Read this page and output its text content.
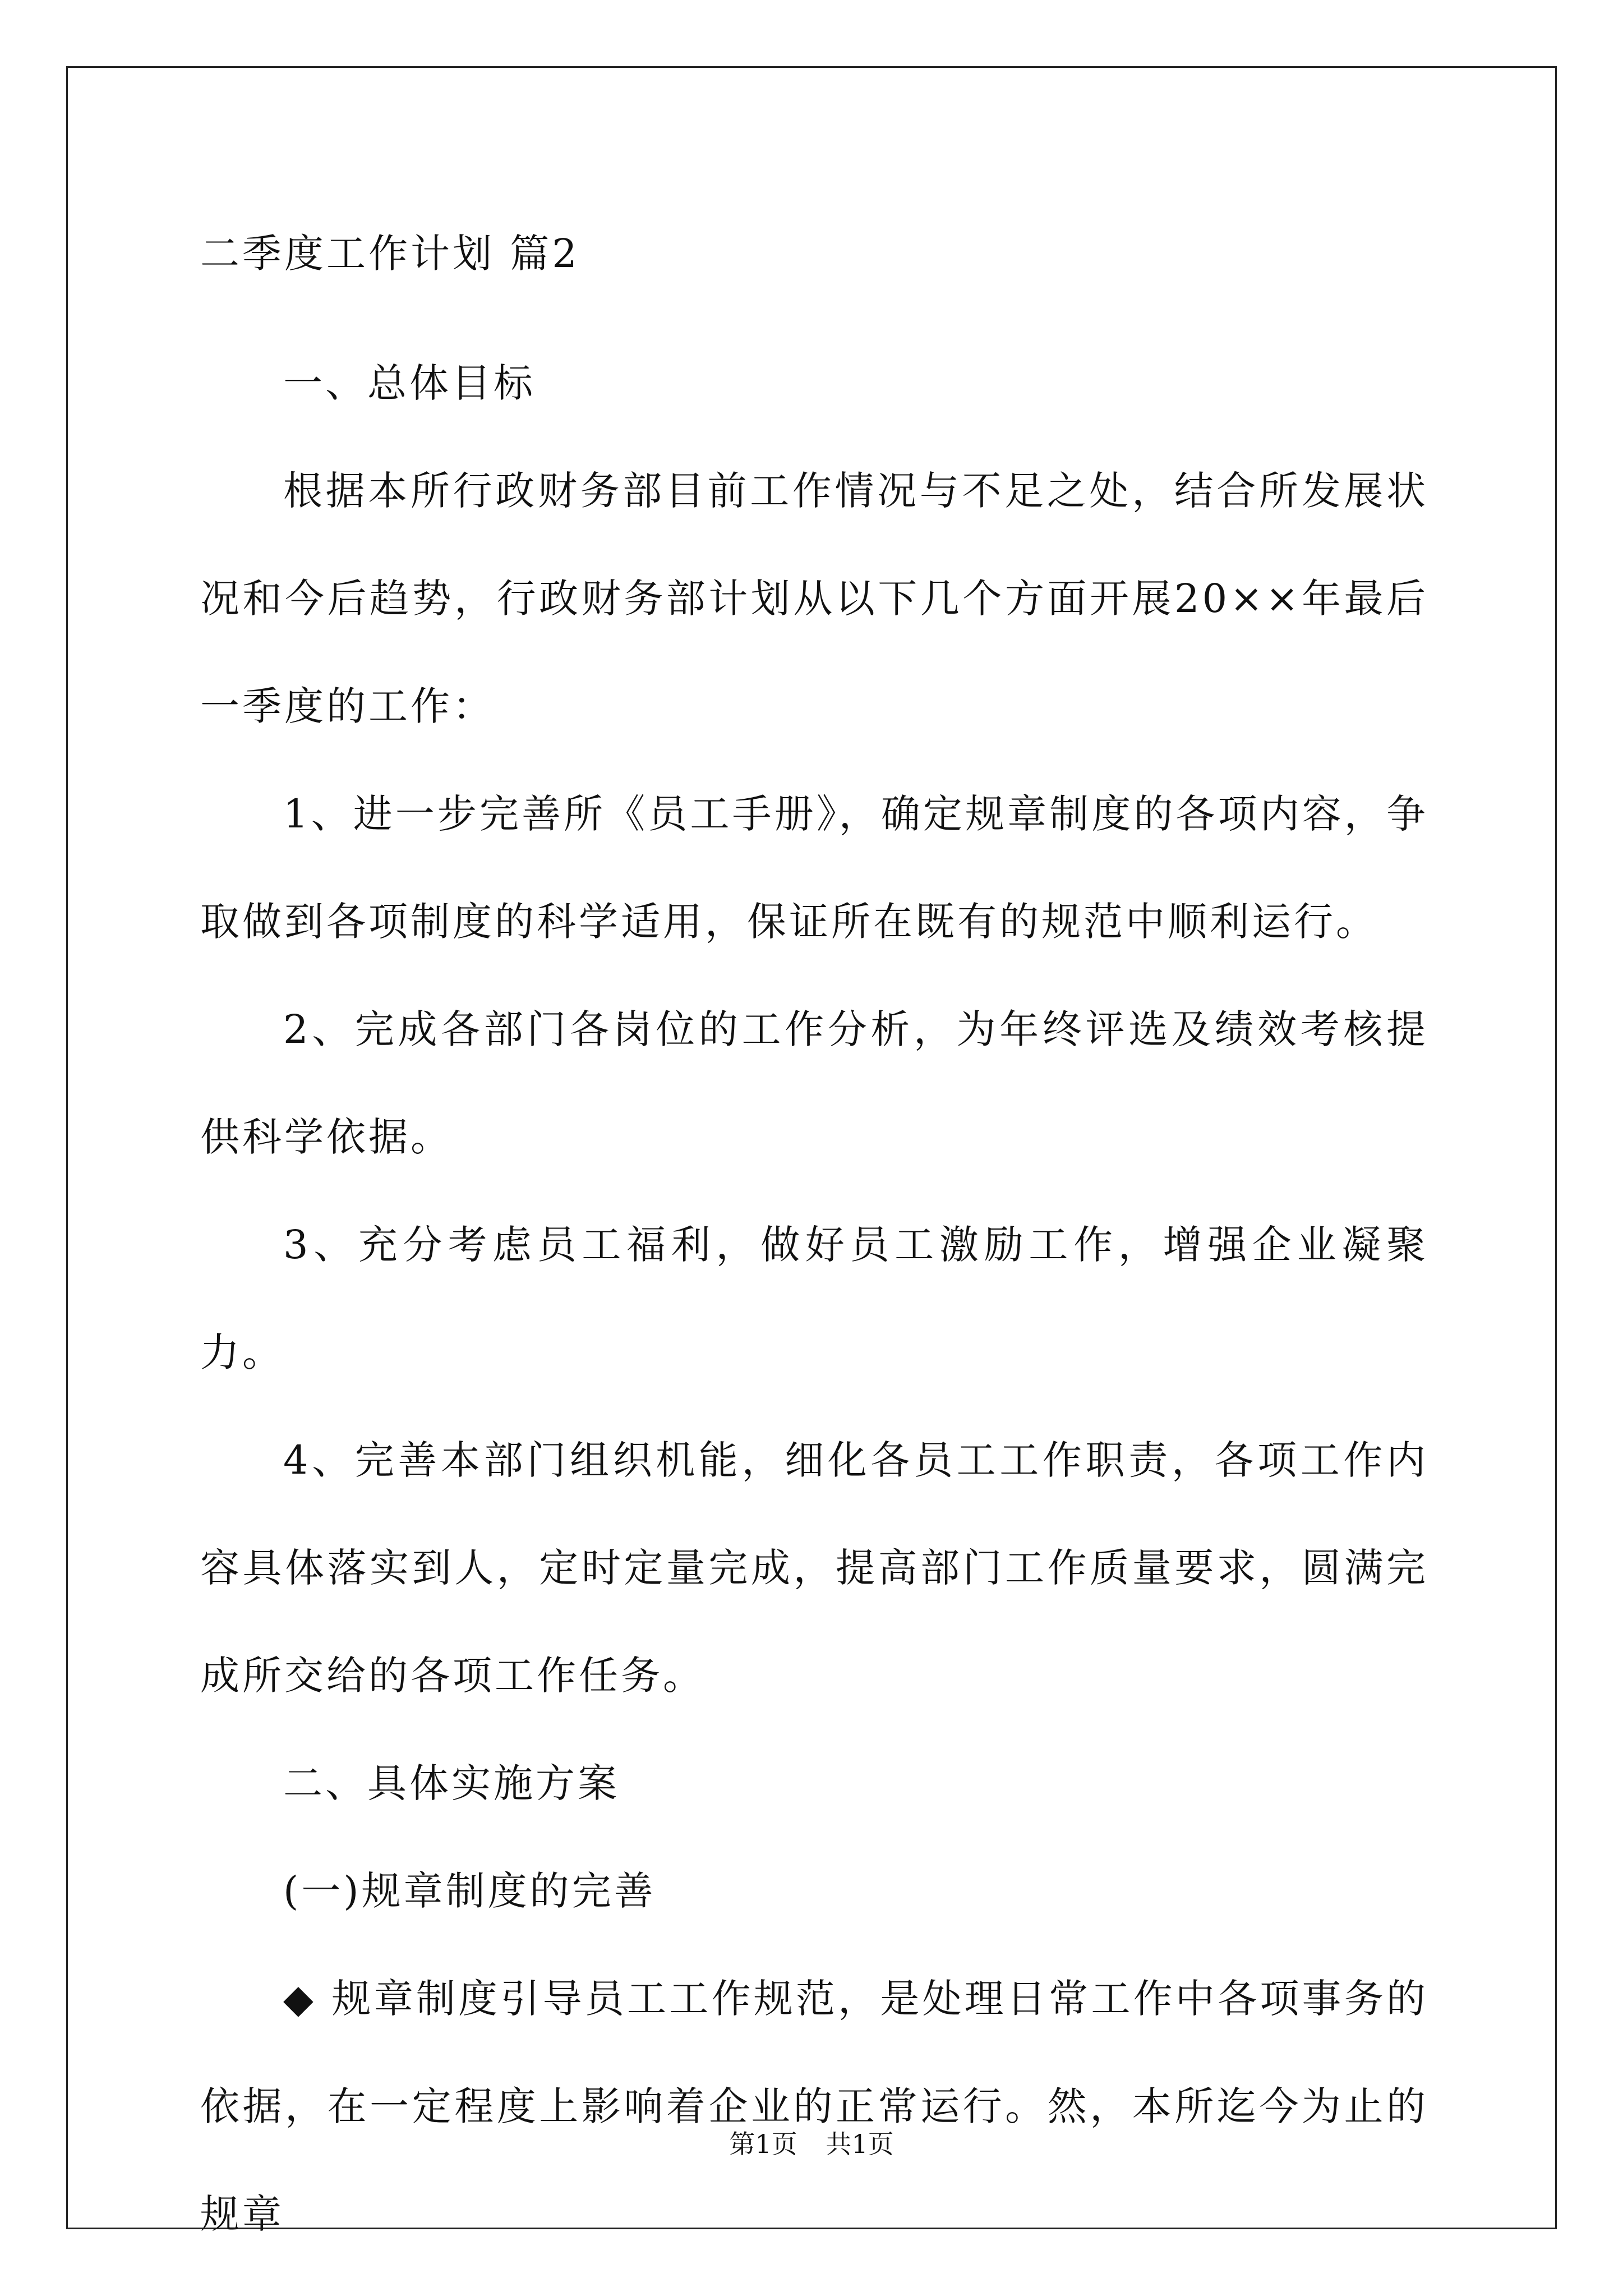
二季度工作计划 篇2

一、总体目标

根据本所行政财务部目前工作情况与不足之处，结合所发展状况和今后趋势，行政财务部计划从以下几个方面开展20××年最后一季度的工作：

1、进一步完善所《员工手册》，确定规章制度的各项内容，争取做到各项制度的科学适用，保证所在既有的规范中顺利运行。

2、完成各部门各岗位的工作分析，为年终评选及绩效考核提供科学依据。

3、充分考虑员工福利，做好员工激励工作，增强企业凝聚力。

4、完善本部门组织机能，细化各员工工作职责，各项工作内容具体落实到人，定时定量完成，提高部门工作质量要求，圆满完成所交给的各项工作任务。

二、具体实施方案

(一)规章制度的完善

◆ 规章制度引导员工工作规范，是处理日常工作中各项事务的依据，在一定程度上影响着企业的正常运行。然，本所迄今为止的规章

第1页 共1页
